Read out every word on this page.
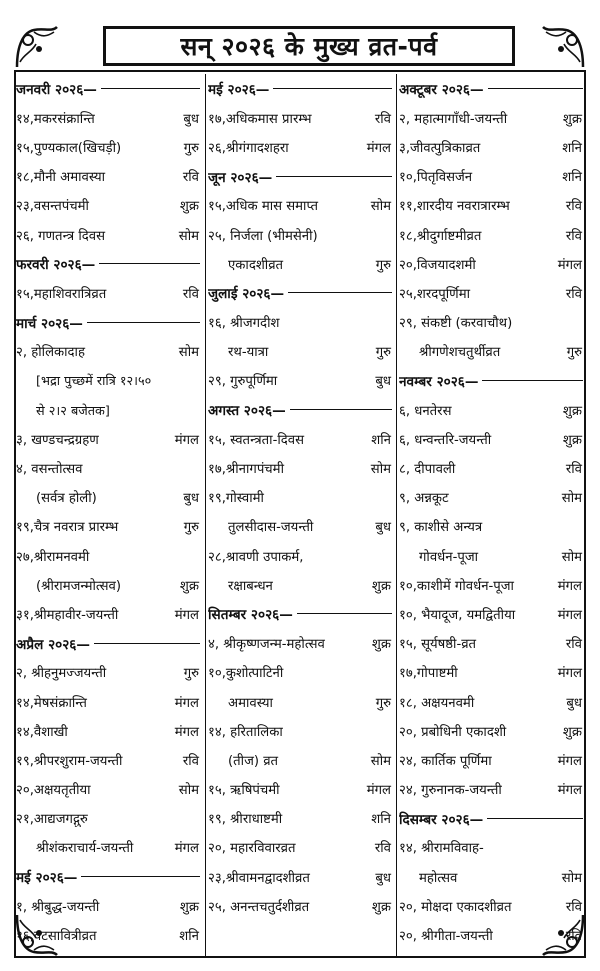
सन् २०२६ के मुख्य व्रत-पर्व
जनवरी २०२६—
१४,मकरसंक्रान्ति	बुध
१५,पुण्यकाल(खिचड़ी)	गुरु
१८,मौनी अमावस्या	रवि
२३,वसन्तपंचमी	शुक्र
२६, गणतन्त्र दिवस	सोम
फरवरी २०२६—
१५,महाशिवरात्रिव्रत	रवि
मार्च २०२६—
२, होलिकादाह	सोम
[भद्रा पुच्छमें रात्रि १२।५०
से २।२ बजेतक]
३, खण्डचन्द्रग्रहण	मंगल
४, वसन्तोत्सव
(सर्वत्र होली)	बुध
१९,चैत्र नवरात्र प्रारम्भ	गुरु
२७,श्रीरामनवमी
(श्रीरामजन्मोत्सव)	शुक्र
३१,श्रीमहावीर-जयन्ती	मंगल
अप्रैल २०२६—
२, श्रीहनुमज्जयन्ती	गुरु
१४,मेषसंक्रान्ति	मंगल
१४,वैशाखी	मंगल
१९,श्रीपरशुराम-जयन्ती	रवि
२०,अक्षयतृतीया	सोम
२१,आद्यजगद्गुरु
श्रीशंकराचार्य-जयन्ती	मंगल
मई २०२६—
१, श्रीबुद्ध-जयन्ती	शुक्र
१६,वटसावित्रीव्रत	शनि
मई २०२६—
१७,अधिकमास प्रारम्भ	रवि
२६,श्रीगंगादशहरा	मंगल
जून २०२६—
१५,अधिक मास समाप्त	सोम
२५, निर्जला (भीमसेनी)
एकादशीव्रत	गुरु
जुलाई २०२६—
१६, श्रीजगदीश
रथ-यात्रा	गुरु
२९, गुरुपूर्णिमा	बुध
अगस्त २०२६—
१५, स्वतन्त्रता-दिवस	शनि
१७,श्रीनागपंचमी	सोम
१९,गोस्वामी
तुलसीदास-जयन्ती	बुध
२८,श्रावणी उपाकर्म,
रक्षाबन्धन	शुक्र
सितम्बर २०२६—
४, श्रीकृष्णजन्म-महोत्सव	शुक्र
१०,कुशोत्पाटिनी
अमावस्या	गुरु
१४, हरितालिका
(तीज) व्रत	सोम
१५, ऋषिपंचमी	मंगल
१९, श्रीराधाष्टमी	शनि
२०, महारविवारव्रत	रवि
२३,श्रीवामनद्वादशीव्रत	बुध
२५, अनन्तचतुर्दशीव्रत	शुक्र
अक्टूबर २०२६—
२, महात्मागाँधी-जयन्ती	शुक्र
३,जीवत्पुत्रिकाव्रत	शनि
१०,पितृविसर्जन	शनि
११,शारदीय नवरात्रारम्भ	रवि
१८,श्रीदुर्गाष्टमीव्रत	रवि
२०,विजयादशमी	मंगल
२५,शरदपूर्णिमा	रवि
२९, संकष्टी (करवाचौथ)
श्रीगणेशचतुर्थीव्रत	गुरु
नवम्बर २०२६—
६, धनतेरस	शुक्र
६, धन्वन्तरि-जयन्ती	शुक्र
८, दीपावली	रवि
९, अन्नकूट	सोम
९, काशीसे अन्यत्र
गोवर्धन-पूजा	सोम
१०,काशीमें गोवर्धन-पूजा	मंगल
१०, भैयादूज, यमद्वितीया	मंगल
१५, सूर्यषष्ठी-व्रत	रवि
१७,गोपाष्टमी	मंगल
१८, अक्षयनवमी	बुध
२०, प्रबोधिनी एकादशी	शुक्र
२४, कार्तिक पूर्णिमा	मंगल
२४, गुरुनानक-जयन्ती	मंगल
दिसम्बर २०२६—
१४, श्रीरामविवाह-
महोत्सव	सोम
२०, मोक्षदा एकादशीव्रत	रवि
२०, श्रीगीता-जयन्ती	रवि
